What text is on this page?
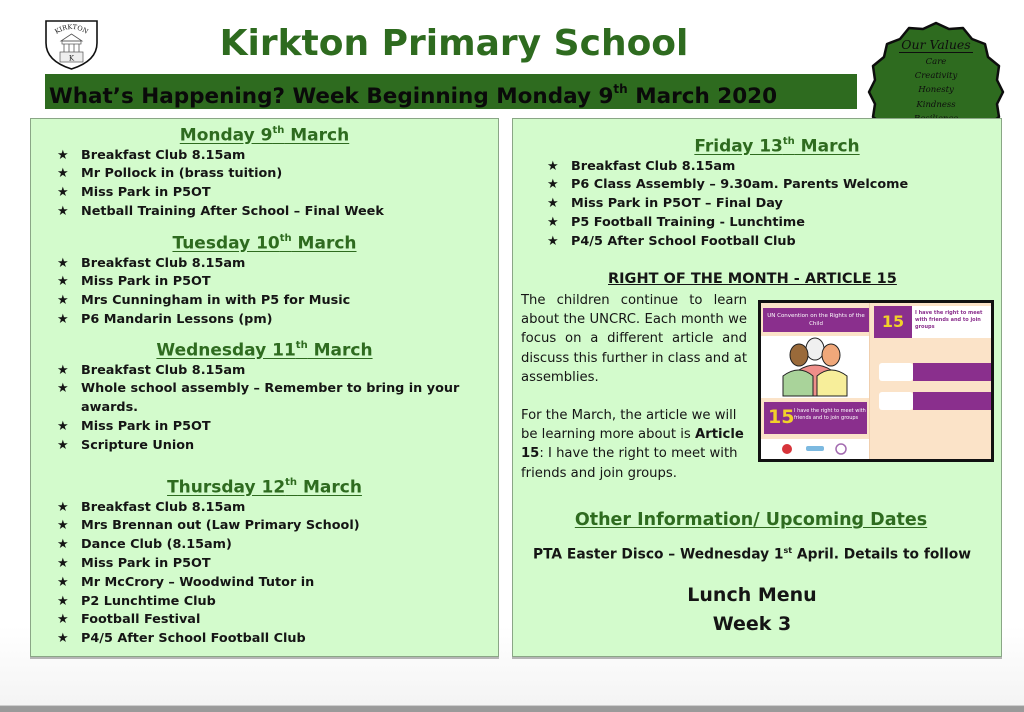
KIRKTON
K	Kirkton Primary School
What’s Happening? Week Beginning Monday 9th March 2020
Our Values
Care
Creativity
Honesty
Kindness
Monday 9th March
★ Breakfast Club 8.15am
★ Mr Pollock in (brass tuition)
★ Miss Park in P5OT
★ Netball Training After School – Final Week
Tuesday 10th March
★ Breakfast Club 8.15am
★ Miss Park in P5OT
★ Mrs Cunningham in with P5 for Music
★ P6 Mandarin Lessons (pm)
Wednesday 11th March
★ Breakfast Club 8.15am
★ Whole school assembly – Remember to bring in your awards.
★ Miss Park in P5OT
★ Scripture Union
Thursday 12th March
★ Breakfast Club 8.15am
★ Mrs Brennan out (Law Primary School)
★ Dance Club (8.15am)
★ Miss Park in P5OT
★ Mr McCrory – Woodwind Tutor in
★ P2 Lunchtime Club
★ Football Festival
★ P4/5 After School Football Club
Friday 13th March
★ Breakfast Club 8.15am
★ P6 Class Assembly – 9.30am. Parents Welcome
★ Miss Park in P5OT – Final Day
★ P5 Football Training - Lunchtime
★ P4/5 After School Football Club
RIGHT OF THE MONTH - ARTICLE 15

The children continue to learn about the UNCRC. Each month we focus on a different article and discuss this further in class and at assemblies.

For the March, the article we will be learning more about is Article 15: I have the right to meet with friends and join groups.

UN Convention on the Rights of the Child
15 I have the right to meet with friends and to join groups
15	I have the right to meet with friends and to join groups
Other Information/ Upcoming Dates
PTA Easter Disco – Wednesday 1st April. Details to follow
Lunch Menu
Week 3
